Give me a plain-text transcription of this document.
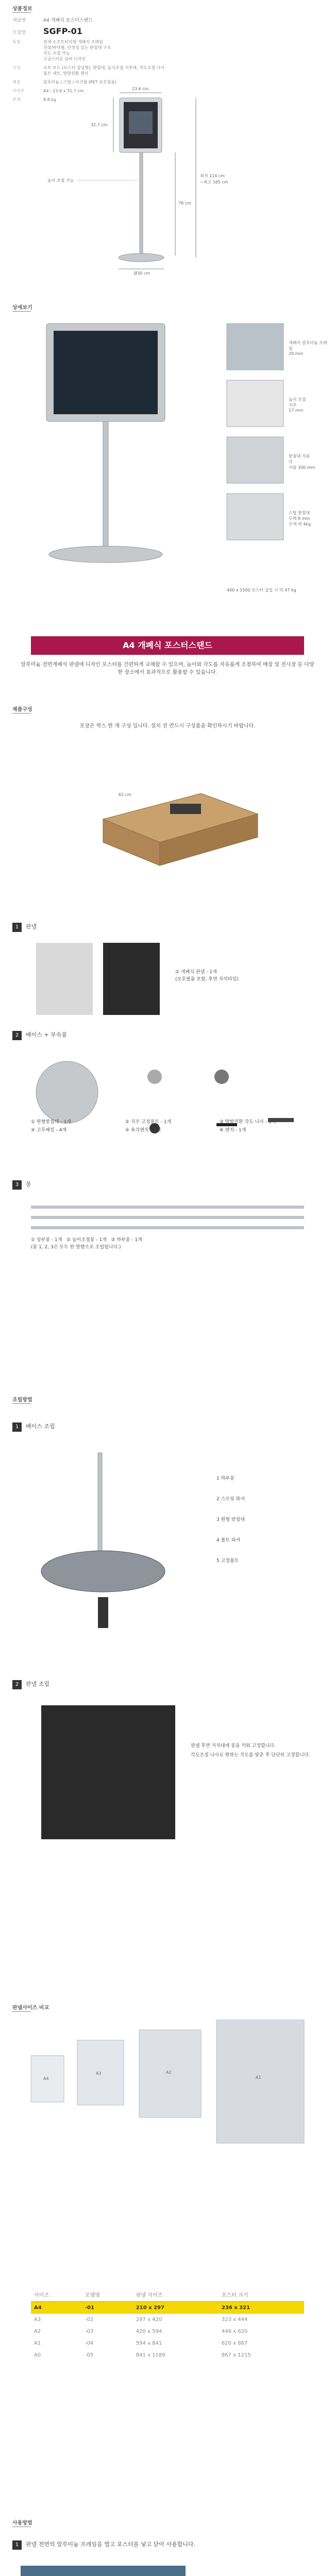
상품정보
제품명	A4 개폐식 포스터스탠드
모델명 SGFP-01
특징	잔세 소프트터치형 개폐식 프레임
천장/바닥형, 안정성 있는 받침대 구조
각도 조절 가능
고급스러운 실버 디자인
구성	포토 보드 (포스터 삽입형), 받침대, 높이조절 지주대, 각도조절 나사
볼트 세트, 방향전환 렌치
재질	알루미늄 / 스틸 / 아크릴 (PET 보호필름)
사이즈	A4 : 23.6 x 31.7 cm
무게	8.8 kg
23.6 cm
32.7 cm
78 cm
Ø30 cm
최저 114 cm
~최고 165 cm
높이 조절 가능
상세보기
개폐식 알루미늄 프레임
20 mm
높이 조절
지주
17 mm
받침대 지름
각
지름 300 mm
스틸 받침대
두께 8 mm
무게 약 4kg
400 x 1500 포스터 삽입 시 약 47 kg
A4 개폐식 포스터스탠드
알루미늄 전면개폐식 판넬에 디자인 포스터를 간편하게 교체할 수 있으며, 높이와 각도를 자유롭게 조절하여 매장 및 전시장 등 다양한 장소에서 효과적으로 활용할 수 있습니다.
제품구성
포장은 박스 한 개 구성 입니다. 설치 전 반드시 구성품을 확인하시기 바랍니다.
62 cm
1 판넬
① 개폐식 판넬 - 1개
(보호필름 포함, 후면 자석타입)
2 베이스 + 부속품
① 원형받침대 - 1개	② 지주 고정볼트 - 1개	③ 방향전환 각도 나사 - 1개 ④ 고무패킹 - 4개	⑤ 육각렌치 - 1개	⑥ 렌치 - 1개
3 봉
① 상부봉 - 1개 ② 높이조절봉 - 1개 ③ 하부봉 - 1개
(봉 1, 2, 3은 모두 한 방향으로 조립됩니다.)
조립방법
1 베이스 조립
1 하부봉
2 스프링 와셔
3 원형 받침대
4 볼트 와셔
5 고정볼트
2 판넬 조립
판넬 후면 거치대에 봉을 끼워 고정합니다.
각도조절 나사로 원하는 각도를 맞춘 후 단단히 고정합니다.
판넬사이즈 비교
A4
A3	A2
A1
사이즈	모델명	판넬 사이즈	포스터 크기
A4	-01	210 x 297	236 x 321
A3	-02	297 x 420	323 x 444
A2	-03	420 x 594	446 x 620
A1	-04	594 x 841	620 x 867
A0	-05	841 x 1189	867 x 1215
사용방법
1 판넬 전면의 알루미늄 프레임을 열고 포스터를 넣고 닫아 사용합니다.
